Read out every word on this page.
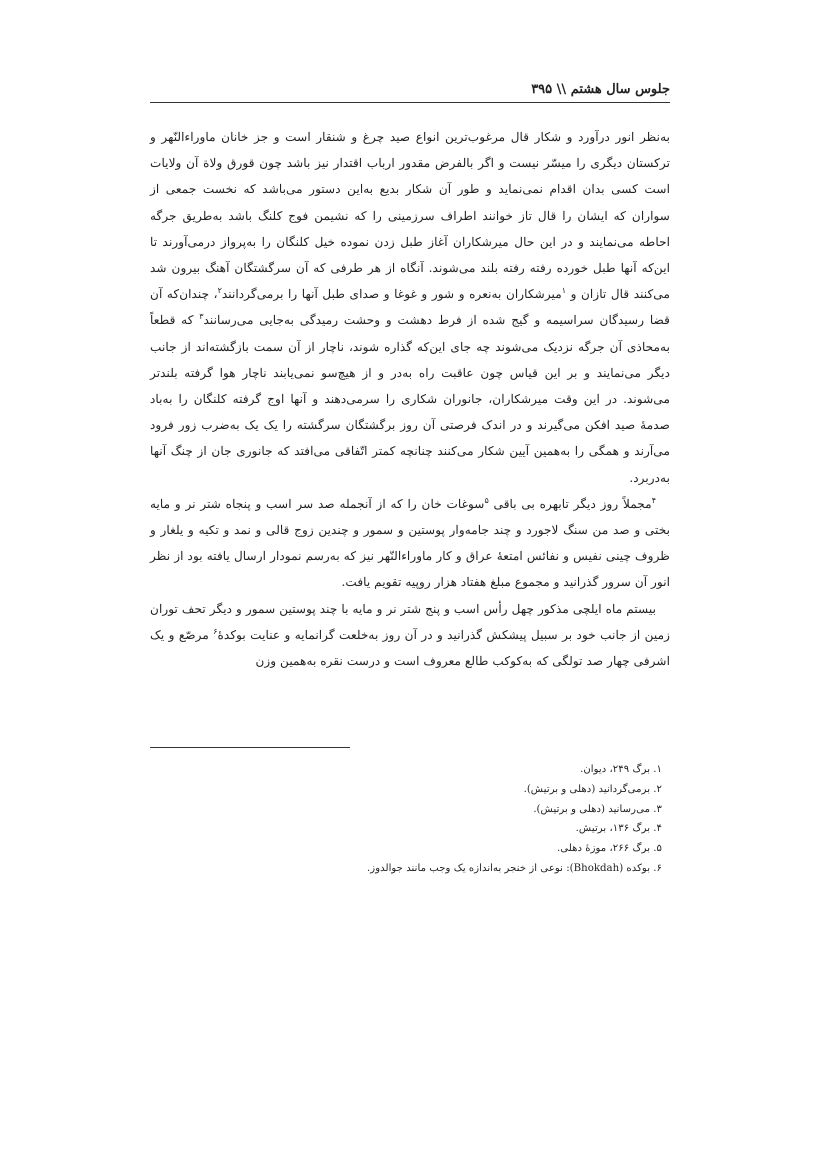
جلوس سال هشتم \\ ۳۹۵

به‌نظر انور درآورد و شکار قال مرغوب‌ترین انواع صید چرغ و شنقار است و جز خانان ماوراءالنّهر و ترکستان دیگری را میسّر نیست و اگر بالفرض مقدور ارباب اقتدار نیز باشد چون قورق ولاة آن ولایات است کسی بدان اقدام نمی‌نماید و طور آن شکار بدیع به‌این دستور می‌باشد که نخست جمعی از سواران که ایشان را قال تاز خوانند اطراف سرزمینی را که نشیمن فوج کلنگ باشد به‌طریق جرگه احاطه می‌نمایند و در این حال میرشکاران آغاز طبل زدن نموده خیل کلنگان را به‌پرواز درمی‌آورند تا این‌که آنها طبل خورده رفته رفته بلند می‌شوند. آنگاه از هر طرفی که آن سرگشتگان آهنگ بیرون شد می‌کنند قال تازان و $^۱$میرشکاران به‌نعره و شور و غوغا و صدای طبل آنها را برمی‌گردانند$^۲$، چندان‌که آن قضا رسیدگان سراسیمه و گیج شده از فرط دهشت و وحشت رمیدگی به‌جایی می‌رسانند$^۳$ که قطعاً به‌محاذی آن جرگه نزدیک می‌شوند چه جای این‌که گذاره شوند، ناچار از آن سمت بازگشته‌اند از جانب دیگر می‌نمایند و بر این قیاس چون عاقبت راه به‌در و از هیچ‌سو نمی‌یابند ناچار هوا گرفته بلندتر می‌شوند. در این وقت میرشکاران، جانوران شکاری را سرمی‌دهند و آنها اوج گرفته کلنگان را به‌باد صدمهٔ صید افکن می‌گیرند و در اندک فرصتی آن روز برگشتگان سرگشته را یک یک به‌ضرب زور فرود می‌آرند و همگی را به‌همین آیین شکار می‌کنند چنانچه کمتر اتّفاقی می‌افتد که جانوری جان از چنگ آنها به‌دربرد.

$^۴$مجملاً روز دیگر تابهره بی باقی $^۵$سوغات خان را که از آنجمله صد سر اسب و پنجاه شتر نر و مایه بختی و صد من سنگ لاجورد و چند جامه‌وار پوستین و سمور و چندین زوج قالی و نمد و تکیه و یلغار و ظروف چینی نفیس و نفائس امتعهٔ عراق و کار ماوراءالنّهر نیز که به‌رسم نمودار ارسال یافته بود از نظر انور آن سرور گذرانید و مجموع مبلغ هفتاد هزار روپیه تقویم یافت.

بیستم ماه ایلچی مذکور چهل رأس اسب و پنج شتر نر و مایه با چند پوستین سمور و دیگر تحف توران زمین از جانب خود بر سبیل پیشکش گذرانید و در آن روز به‌خلعت گرانمایه و عنایت بوکدهٔ$^۶$ مرصّع و یک اشرفی چهار صد تولگی که به‌کوکب طالع معروف است و درست نقره به‌همین وزن

۱. برگ ۲۴۹، دیوان.
۲. برمی‌گردانید (دهلی و برتیش).
۳. می‌رسانید (دهلی و برتیش).
۴. برگ ۱۳۶، برتیش.
۵. برگ ۲۶۶، موزهٔ دهلی.
۶. بوکده (Bhokdah): نوعی از خنجر به‌اندازه یک وجب مانند جوالدوز.
